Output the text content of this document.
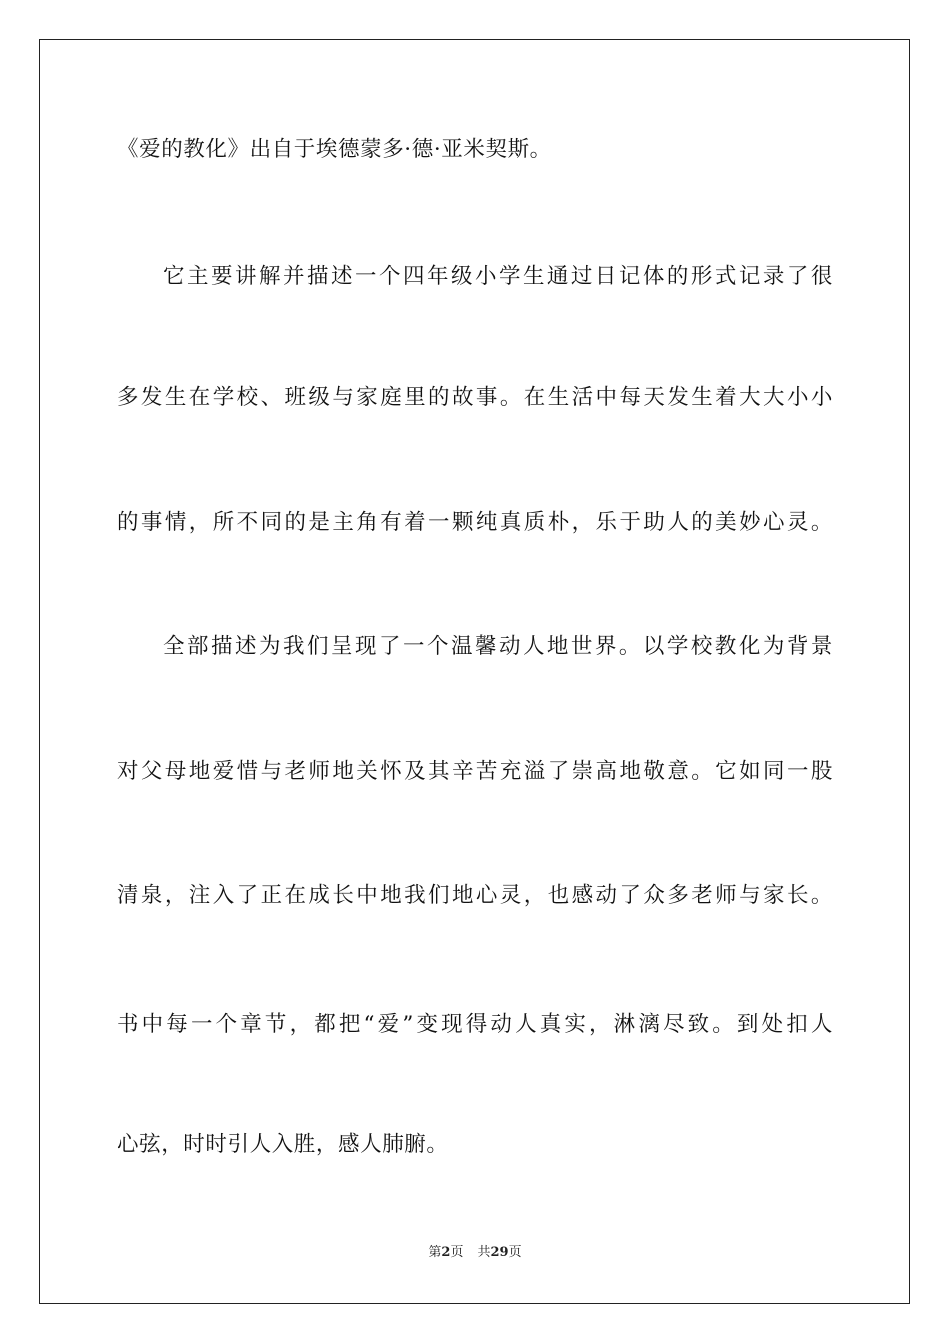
《爱的教化》出自于埃德蒙多·德·亚米契斯。
它主要讲解并描述一个四年级小学生通过日记体的形式记录了很
多发生在学校、班级与家庭里的故事。在生活中每天发生着大大小小
的事情，所不同的是主角有着一颗纯真质朴，乐于助人的美妙心灵。
全部描述为我们呈现了一个温馨动人地世界。以学校教化为背景
对父母地爱惜与老师地关怀及其辛苦充溢了崇高地敬意。它如同一股
清泉，注入了正在成长中地我们地心灵，也感动了众多老师与家长。
书中每一个章节，都把“爱”变现得动人真实，淋漓尽致。到处扣人
心弦，时时引人入胜，感人肺腑。
第2页 共29页
